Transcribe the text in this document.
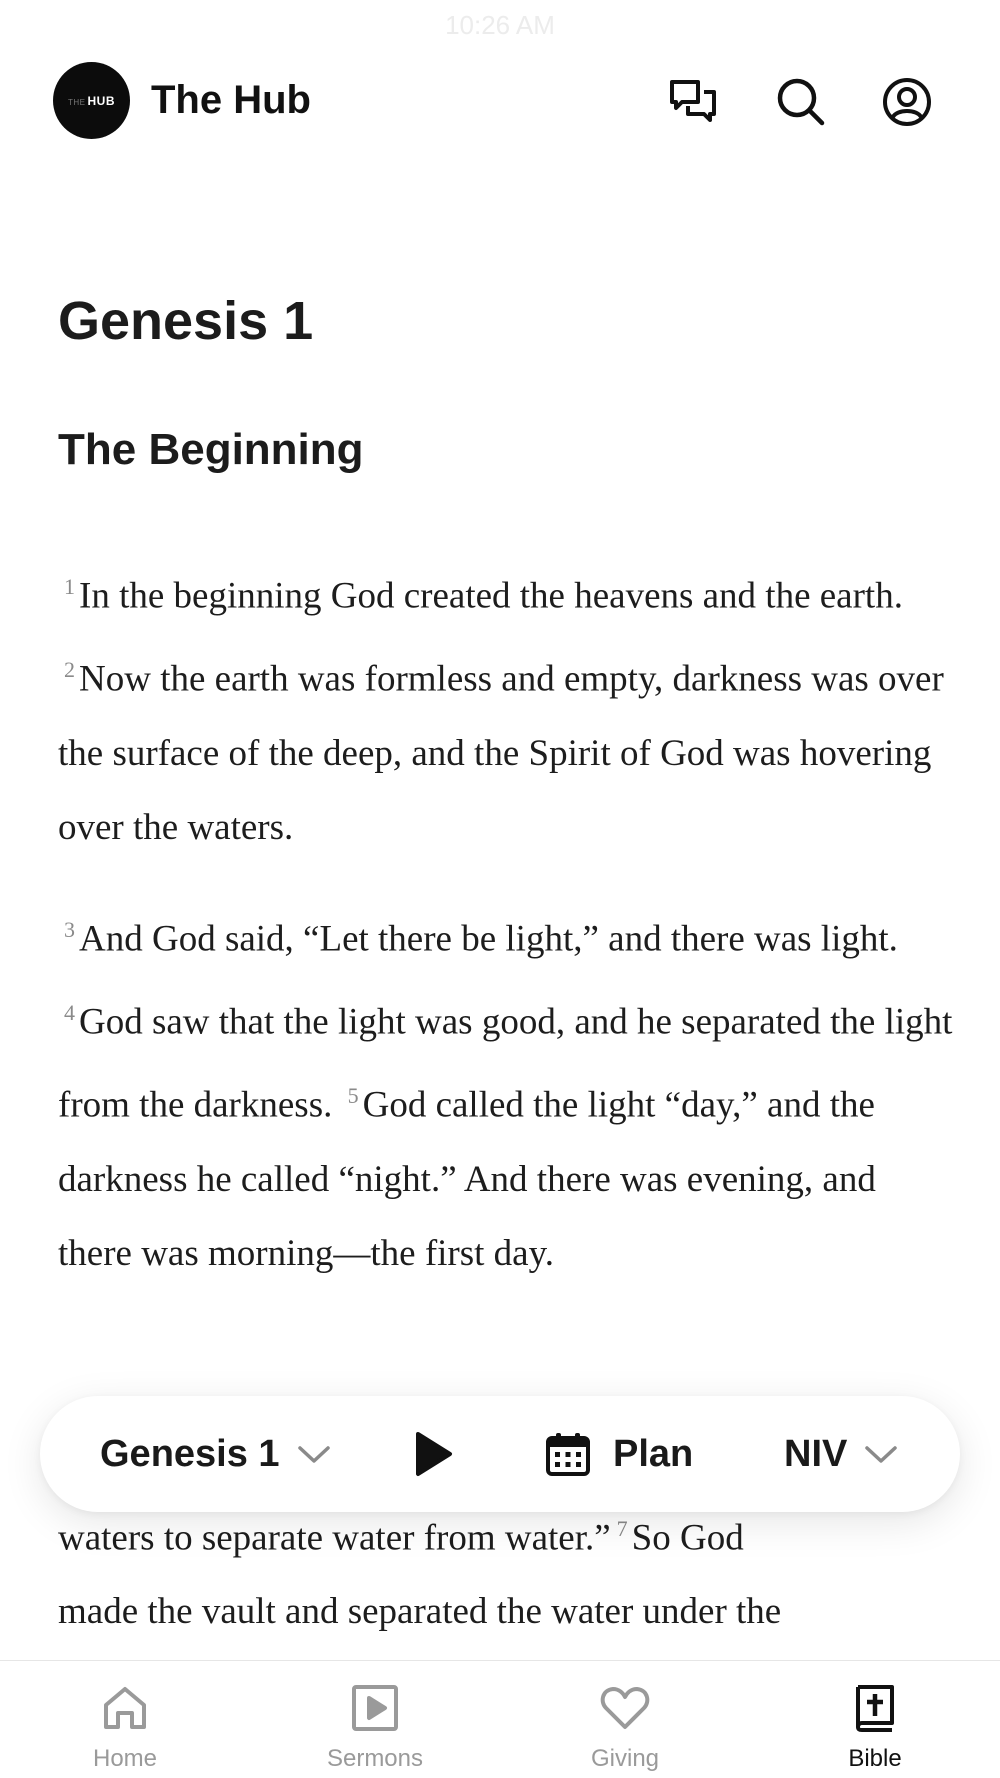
10:26 AM
THE HUB The Hub
Genesis 1
The Beginning

$^1$ In the beginning God created the heavens and the earth. $^2$ Now the earth was formless and empty, darkness was over the surface of the deep, and the Spirit of God was hovering over the waters.

$^3$ And God said, “Let there be light,” and there was light. $^4$ God saw that the light was good, and he separated the light from the darkness. $^5$ God called the light “day,” and the darkness he called “night.” And there was evening, and there was morning—the first day.

waters to separate water from water.” $^7$ So God
made the vault and separated the water under the
Genesis 1	Plan NIV
Home	Sermons	Giving	Bible
